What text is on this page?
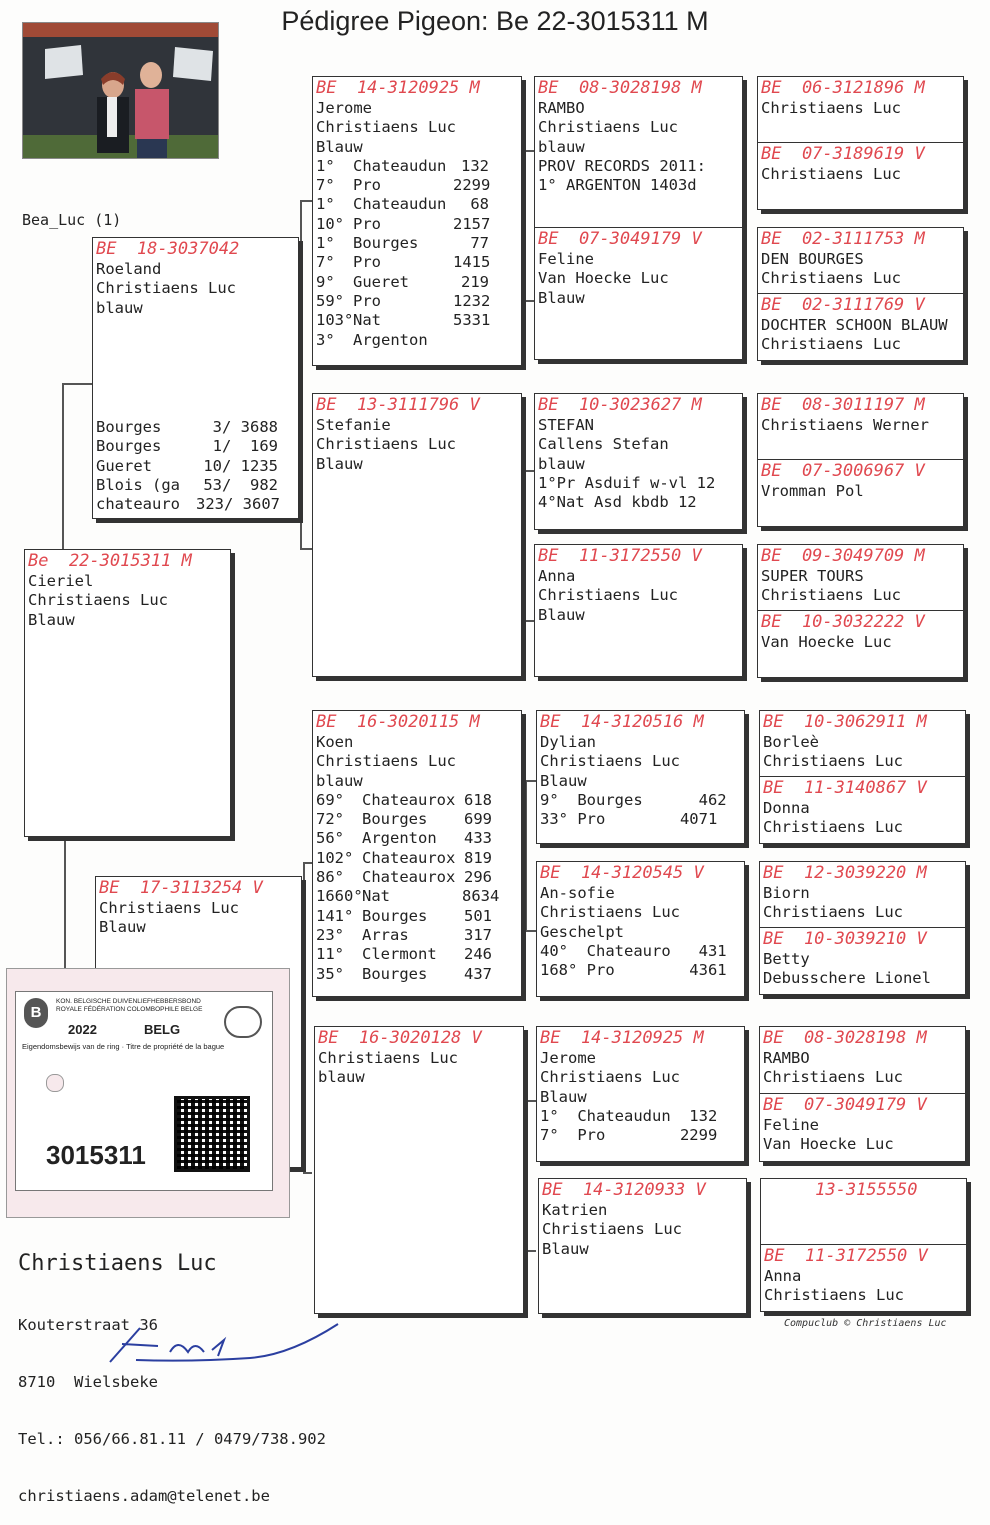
Pédigree Pigeon: Be 22-3015311 M
Bea_Luc (1)
Be  22-3015311 M
Cieriel
Christiaens Luc
Blauw
BE  18-3037042
Roeland
Christiaens Luc
blauw
Bourges	3/ 3688
Bourges	1/  169
Gueret	10/ 1235
Blois (ga 53/  982
chateauro 323/ 3607
BE  17-3113254 V
Christiaens Luc
Blauw
BE  14-3120925 M
Jerome
Christiaens Luc
Blauw
1° Chateaudun 132
7° Pro	2299
1° Chateaudun 68
10° Pro	2157
1° Bourges	77
7° Pro	1415
9° Gueret	219
59° Pro	1232
103°Nat	5331
3° Argenton
BE  13-3111796 V
Stefanie
Christiaens Luc
Blauw
BE  16-3020115 M
Koen
Christiaens Luc
blauw
69° Chateaurox 618
72° Bourges 699
56° Argenton 433
102° Chateaurox 819
86° Chateaurox 296
1660°Nat	8634
141° Bourges 501
23° Arras	317
11° Clermont 246
35° Bourges 437
BE  16-3020128 V
Christiaens Luc
blauw
BE  08-3028198 M
RAMBO
Christiaens Luc
blauw
PROV RECORDS 2011:
1° ARGENTON 1403d
BE  07-3049179 V
Feline
Van Hoecke Luc
Blauw
BE  10-3023627 M
STEFAN
Callens Stefan
blauw
1°Pr Asduif w-vl 12
4°Nat Asd kbdb 12
BE  11-3172550 V
Anna
Christiaens Luc
Blauw
BE  14-3120516 M
Dylian
Christiaens Luc
Blauw
9°  Bourges      462
33° Pro        4071
BE  14-3120545 V
An-sofie
Christiaens Luc
Geschelpt
40°  Chateauro   431
168° Pro        4361
BE  14-3120925 M
Jerome
Christiaens Luc
Blauw
1°  Chateaudun  132
7°  Pro        2299
BE  14-3120933 V
Katrien
Christiaens Luc
Blauw
BE  06-3121896 M
Christiaens Luc
BE  07-3189619 V
Christiaens Luc
BE  02-3111753 M
DEN BOURGES
Christiaens Luc
BE  02-3111769 V
DOCHTER SCHOON BLAUW
Christiaens Luc
BE  08-3011197 M
Christiaens Werner
BE  07-3006967 V
Vromman Pol
BE  09-3049709 M
SUPER TOURS
Christiaens Luc
BE  10-3032222 V
Van Hoecke Luc
BE  10-3062911 M
Borleè
Christiaens Luc
BE  11-3140867 V
Donna
Christiaens Luc
BE  12-3039220 M
Biorn
Christiaens Luc
BE  10-3039210 V
Betty
Debusschere Lionel
BE  08-3028198 M
RAMBO
Christiaens Luc
BE  07-3049179 V
Feline
Van Hoecke Luc
13-3155550
BE  11-3172550 V
Anna
Christiaens Luc
B
KON. BELGISCHE DUIVENLIEFHEBBERSBOND
ROYALE FÉDÉRATION COLOMBOPHILE BELGE
2022	BELG
Eigendomsbewijs van de ring · Titre de propriété de la bague
3015311

Christiaens Luc

Kouterstraat 36

8710  Wielsbeke

Tel.: 056/66.81.11 / 0479/738.902

christiaens.adam@telenet.be

Compuclub © Christiaens Luc
